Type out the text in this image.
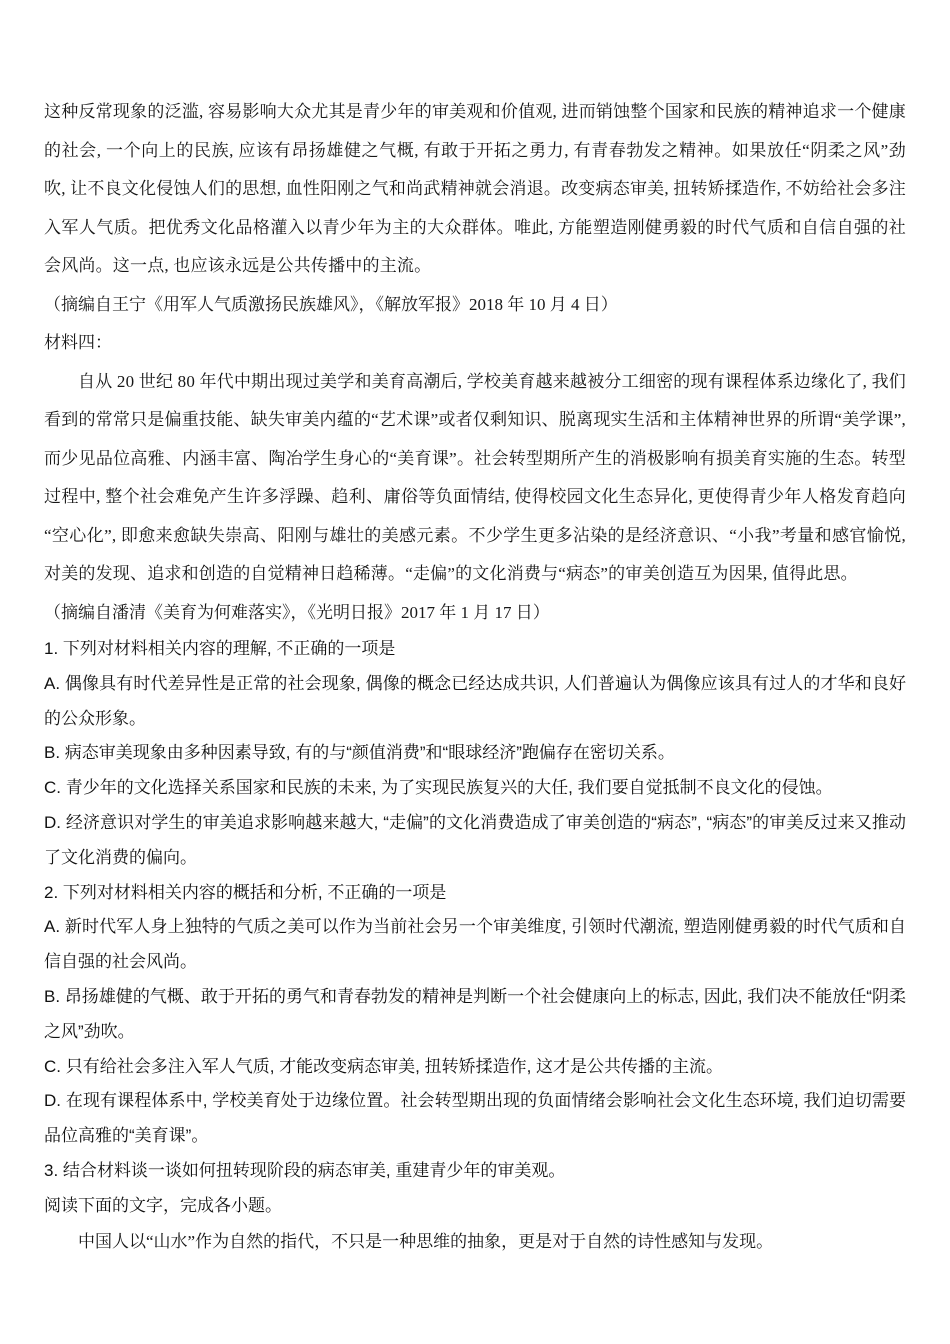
这种反常现象的泛滥, 容易影响大众尤其是青少年的审美观和价值观, 进而销蚀整个国家和民族的精神追求一个健康的社会, 一个向上的民族, 应该有昂扬雄健之气概, 有敢于开拓之勇力, 有青春勃发之精神。如果放任“阴柔之风”劲吹, 让不良文化侵蚀人们的思想, 血性阳刚之气和尚武精神就会消退。改变病态审美, 扭转矫揉造作, 不妨给社会多注入军人气质。把优秀文化品格灌入以青少年为主的大众群体。唯此, 方能塑造刚健勇毅的时代气质和自信自强的社会风尚。这一点, 也应该永远是公共传播中的主流。

（摘编自王宁《用军人气质激扬民族雄风》，《解放军报》2018 年 10 月 4 日）

材料四：

自从 20 世纪 80 年代中期出现过美学和美育高潮后, 学校美育越来越被分工细密的现有课程体系边缘化了, 我们看到的常常只是偏重技能、缺失审美内蕴的“艺术课”或者仅剩知识、脱离现实生活和主体精神世界的所谓“美学课”, 而少见品位高雅、内涵丰富、陶冶学生身心的“美育课”。社会转型期所产生的消极影响有损美育实施的生态。转型过程中, 整个社会难免产生许多浮躁、趋利、庸俗等负面情结, 使得校园文化生态异化, 更使得青少年人格发育趋向“空心化”, 即愈来愈缺失崇高、阳刚与雄壮的美感元素。不少学生更多沾染的是经济意识、“小我”考量和感官愉悦, 对美的发现、追求和创造的自觉精神日趋稀薄。“走偏”的文化消费与“病态”的审美创造互为因果, 值得此思。

（摘编自潘清《美育为何难落实》，《光明日报》2017 年 1 月 17 日）

1. 下列对材料相关内容的理解, 不正确的一项是

A. 偶像具有时代差异性是正常的社会现象, 偶像的概念已经达成共识, 人们普遍认为偶像应该具有过人的才华和良好的公众形象。

B. 病态审美现象由多种因素导致, 有的与“颜值消费”和“眼球经济”跑偏存在密切关系。

C. 青少年的文化选择关系国家和民族的未来, 为了实现民族复兴的大任, 我们要自觉抵制不良文化的侵蚀。

D. 经济意识对学生的审美追求影响越来越大, “走偏”的文化消费造成了审美创造的“病态”, “病态”的审美反过来又推动了文化消费的偏向。

2. 下列对材料相关内容的概括和分析, 不正确的一项是

A. 新时代军人身上独特的气质之美可以作为当前社会另一个审美维度, 引领时代潮流, 塑造刚健勇毅的时代气质和自信自强的社会风尚。

B. 昂扬雄健的气概、敢于开拓的勇气和青春勃发的精神是判断一个社会健康向上的标志, 因此, 我们决不能放任“阴柔之风”劲吹。

C. 只有给社会多注入军人气质, 才能改变病态审美, 扭转矫揉造作, 这才是公共传播的主流。

D. 在现有课程体系中, 学校美育处于边缘位置。社会转型期出现的负面情绪会影响社会文化生态环境, 我们迫切需要品位高雅的“美育课”。

3. 结合材料谈一谈如何扭转现阶段的病态审美, 重建青少年的审美观。

阅读下面的文字，完成各小题。

中国人以“山水”作为自然的指代，不只是一种思维的抽象，更是对于自然的诗性感知与发现。
